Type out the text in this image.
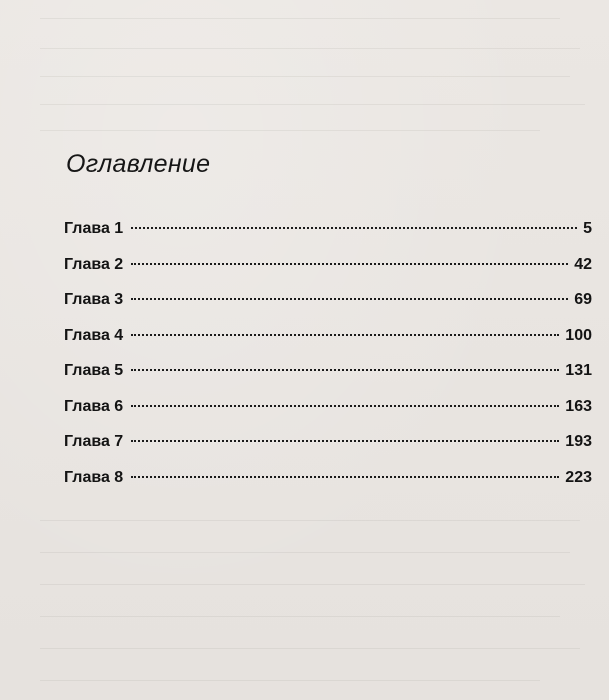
Оглавление
Глава 1	5
Глава 2	42
Глава 3	69
Глава 4	100
Глава 5	131
Глава 6	163
Глава 7	193
Глава 8	223
